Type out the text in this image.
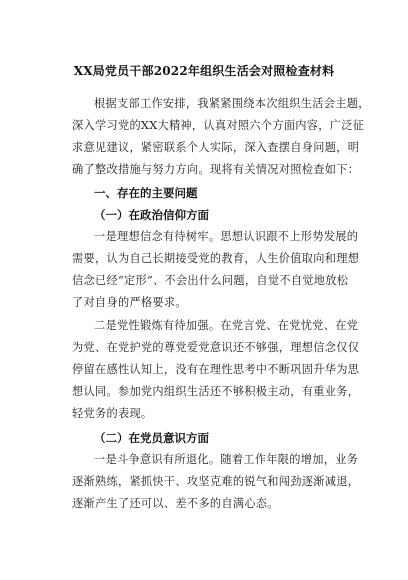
XX局党员干部2022年组织生活会对照检查材料
根据支部工作安排，我紧紧围绕本次组织生活会主题，
深入学习党的XX大精神，认真对照六个方面内容，广泛征
求意见建议，紧密联系个人实际，深入查摆自身问题，明
确了整改措施与努力方向。现将有关情况对照检查如下：
一、存在的主要问题
（一）在政治信仰方面
一是理想信念有待树牢。思想认识跟不上形势发展的
需要，认为自己长期接受党的教育，人生价值取向和理想
信念已经“定形”、不会出什么问题，自觉不自觉地放松
了对自身的严格要求。
二是党性锻炼有待加强。在党言党、在党忧党、在党
为党、在党护党的尊党爱党意识还不够强，理想信念仅仅
停留在感性认知上，没有在理性思考中不断巩固升华为思
想认同。参加党内组织生活还不够积极主动，有重业务，
轻党务的表现。
（二）在党员意识方面
一是斗争意识有所退化。随着工作年限的增加，业务
逐渐熟练，紧抓快干、攻坚克难的锐气和闯劲逐渐减退，
逐渐产生了还可以、差不多的自满心态。
